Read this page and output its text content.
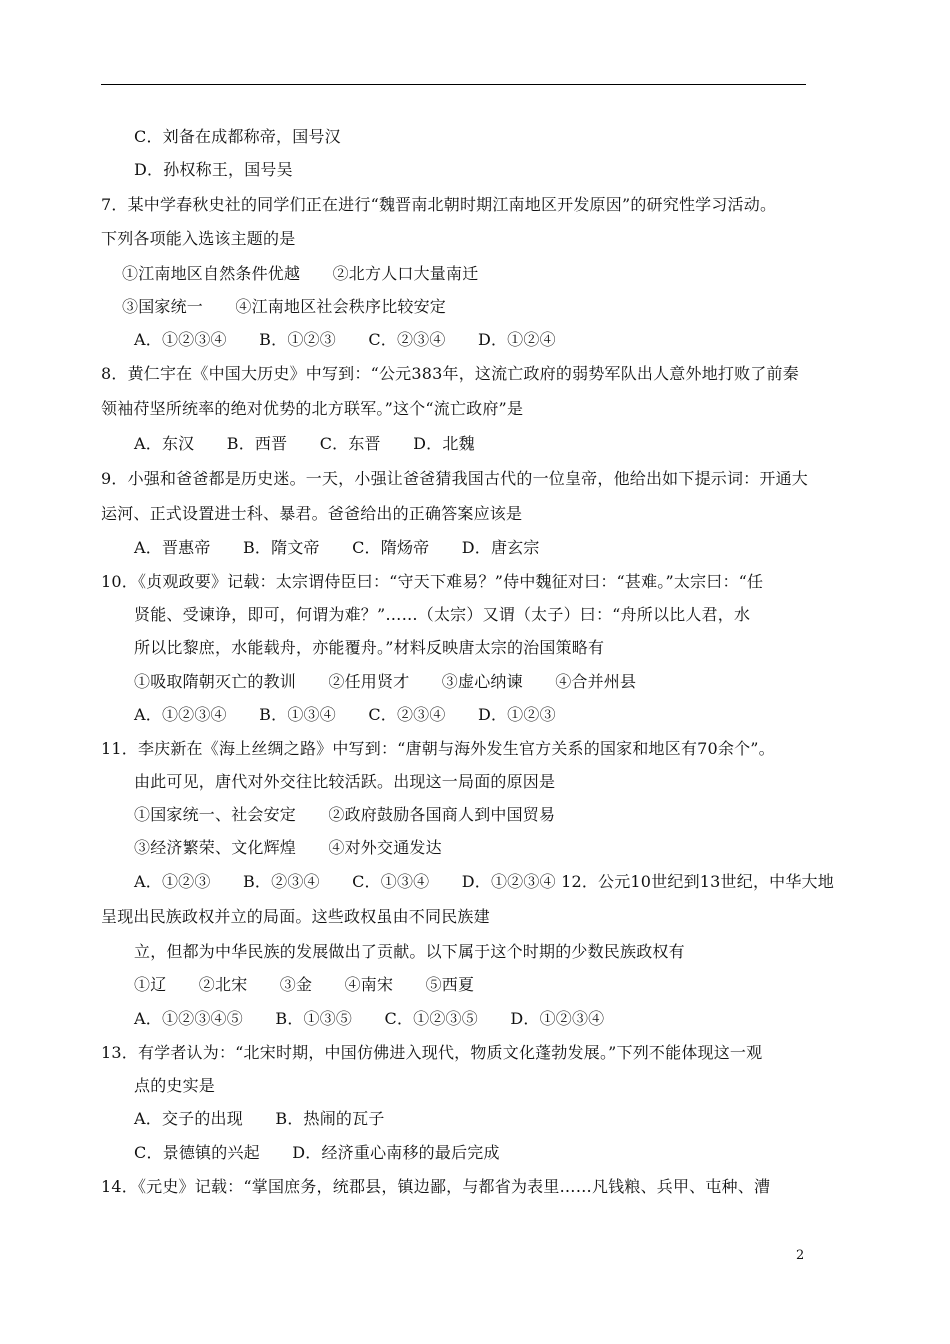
C．刘备在成都称帝，国号汉
D．孙权称王，国号吴
7．某中学春秋史社的同学们正在进行“魏晋南北朝时期江南地区开发原因”的研究性学习活动。
下列各项能入选该主题的是
①江南地区自然条件优越　　②北方人口大量南迁
③国家统一　　④江南地区社会秩序比较安定
A．①②③④　　B．①②③　　C．②③④　　D．①②④
8．黄仁宇在《中国大历史》中写到：“公元383年，这流亡政府的弱势军队出人意外地打败了前秦
领袖苻坚所统率的绝对优势的北方联军。”这个“流亡政府”是
A．东汉　　B．西晋　　C．东晋　　D．北魏
9．小强和爸爸都是历史迷。一天，小强让爸爸猜我国古代的一位皇帝，他给出如下提示词：开通大
运河、正式设置进士科、暴君。爸爸给出的正确答案应该是
A．晋惠帝　　B．隋文帝　　C．隋炀帝　　D．唐玄宗
10．《贞观政要》记载：太宗谓侍臣曰：“守天下难易？”侍中魏征对曰：“甚难。”太宗曰：“任
贤能、受谏诤，即可，何谓为难？”……（太宗）又谓（太子）曰：“舟所以比人君，水
所以比黎庶，水能载舟，亦能覆舟。”材料反映唐太宗的治国策略有
①吸取隋朝灭亡的教训　　②任用贤才　　③虚心纳谏　　④合并州县
A．①②③④　　B．①③④　　C．②③④　　D．①②③
11．李庆新在《海上丝绸之路》中写到：“唐朝与海外发生官方关系的国家和地区有70余个”。
由此可见，唐代对外交往比较活跃。出现这一局面的原因是
①国家统一、社会安定　　②政府鼓励各国商人到中国贸易
③经济繁荣、文化辉煌　　④对外交通发达
A．①②③　　B．②③④　　C．①③④　　D．①②③④ 12．公元10世纪到13世纪，中华大地
呈现出民族政权并立的局面。这些政权虽由不同民族建
立，但都为中华民族的发展做出了贡献。以下属于这个时期的少数民族政权有
①辽　　②北宋　　③金　　④南宋　　⑤西夏
A．①②③④⑤　　B．①③⑤　　C．①②③⑤　　D．①②③④
13．有学者认为：“北宋时期，中国仿佛进入现代，物质文化蓬勃发展。”下列不能体现这一观
点的史实是
A．交子的出现　　B．热闹的瓦子
C．景德镇的兴起　　D．经济重心南移的最后完成
14．《元史》记载：“掌国庶务，统郡县，镇边鄙，与都省为表里……凡钱粮、兵甲、屯种、漕
2
